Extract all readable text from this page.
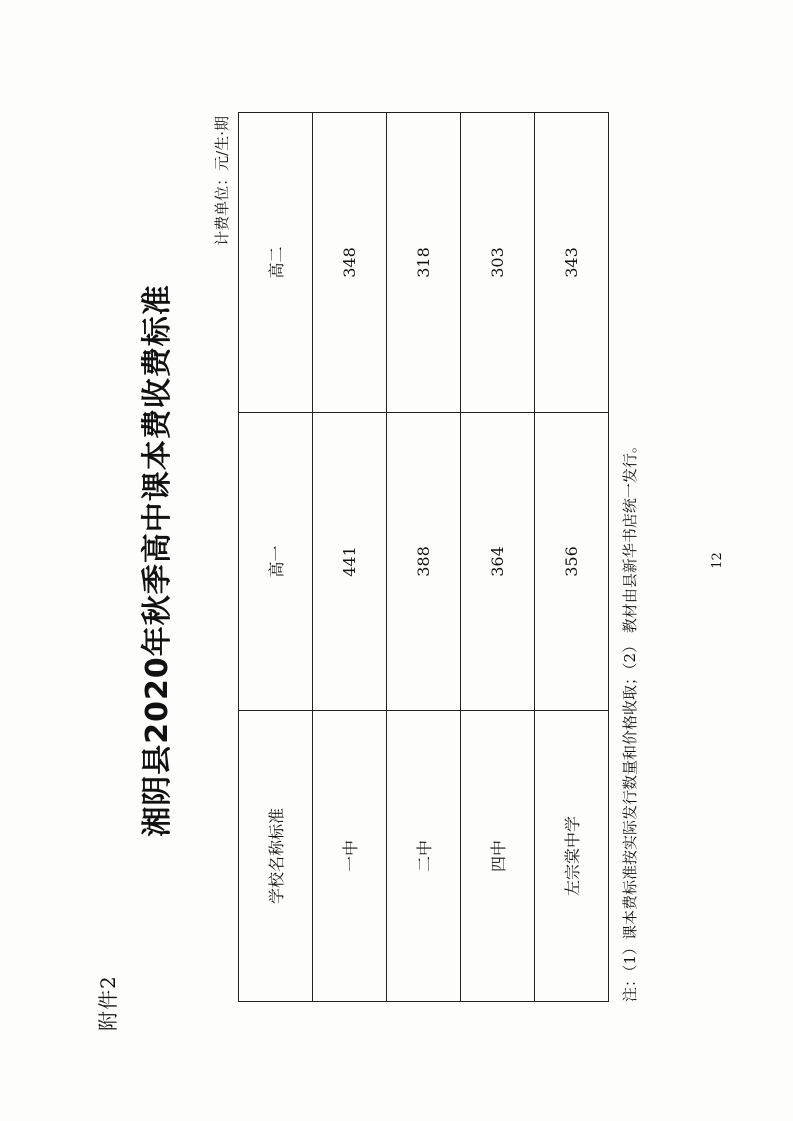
附件2
湘阴县2020年秋季高中课本费收费标准
计费单位：元/生·期
学校名称标准	高一	高二
一中	441	348
二中	388	318
四中	364	303
左宗棠中学	356	343
注：（1）课本费标准按实际发行数量和价格收取；（2） 教材由县新华书店统一发行。	12
